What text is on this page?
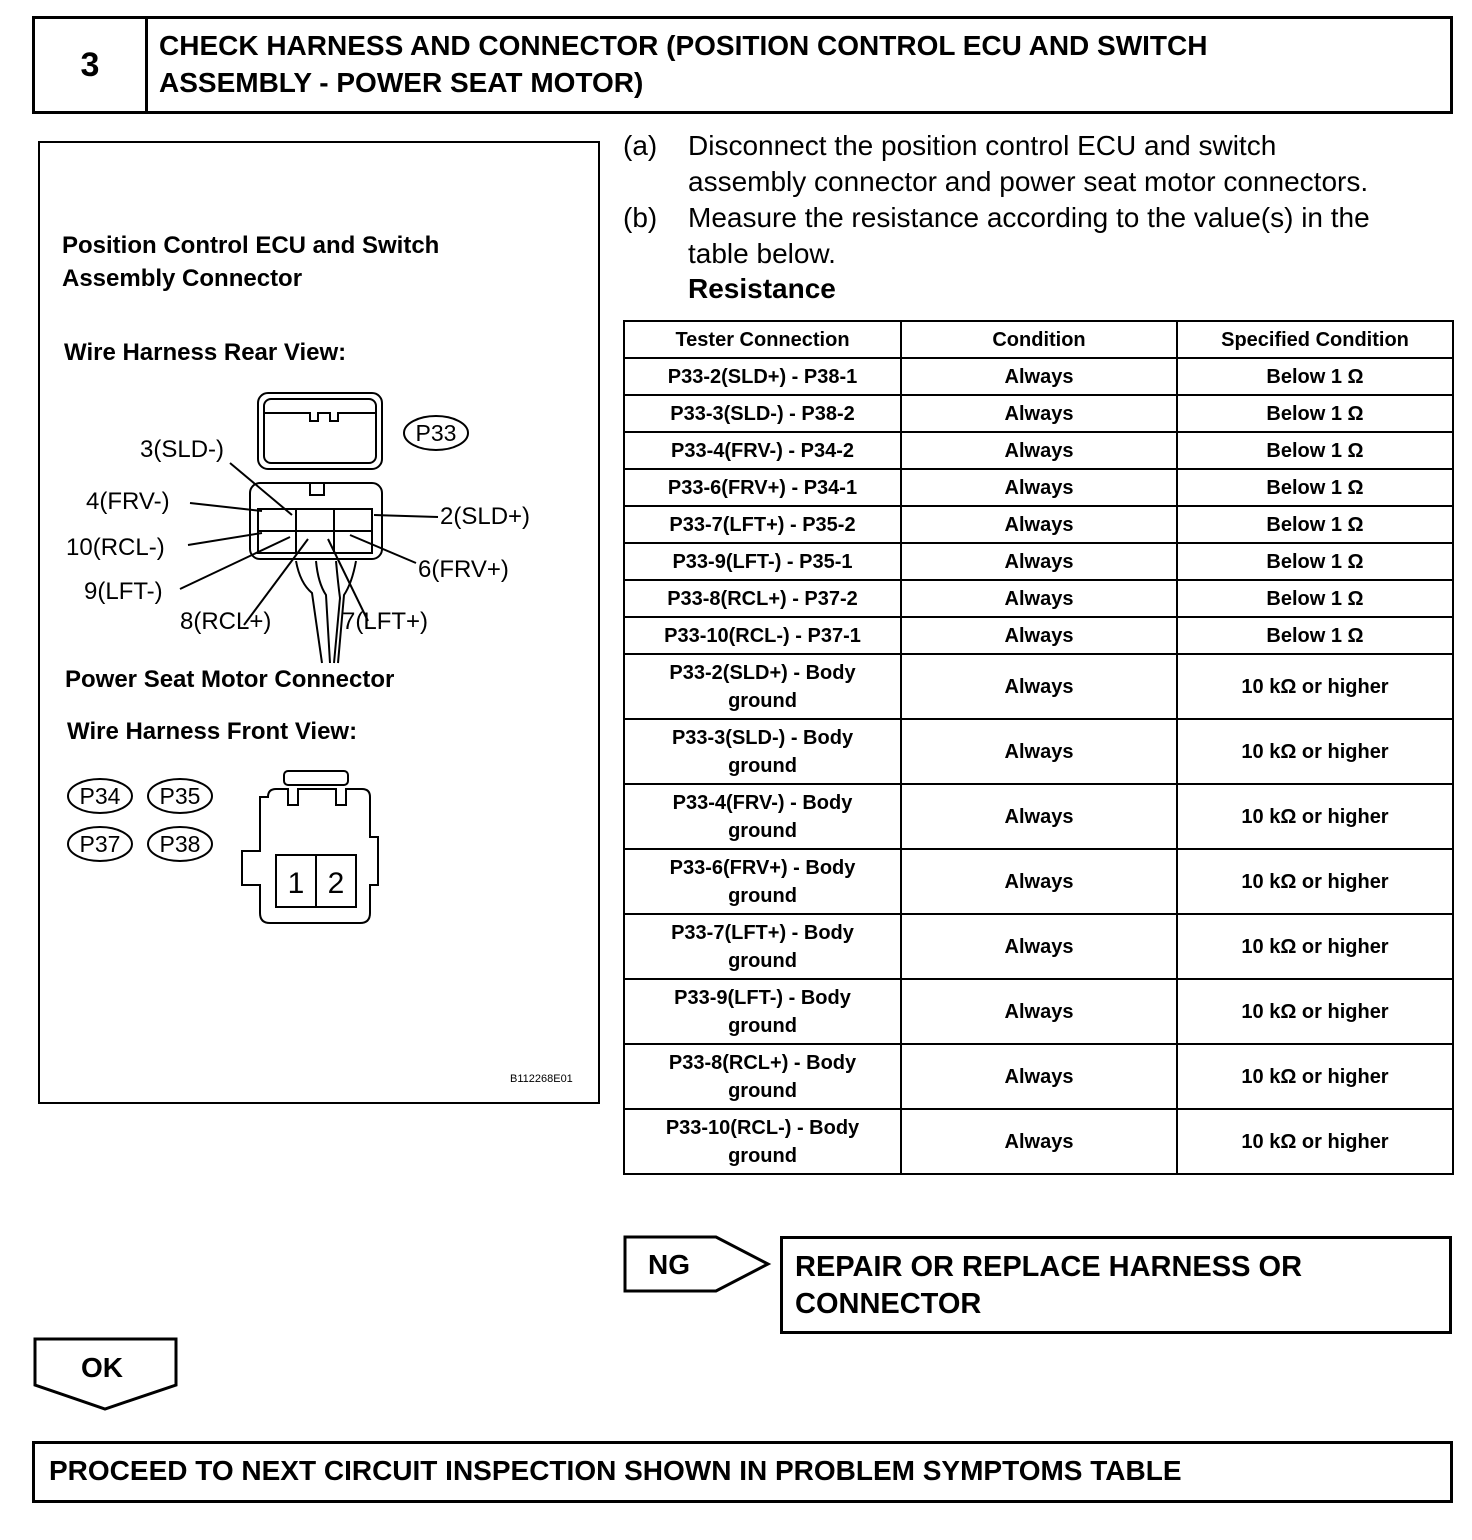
3	CHECK HARNESS AND CONNECTOR (POSITION CONTROL ECU AND SWITCH
ASSEMBLY - POWER SEAT MOTOR)
Position Control ECU and Switch
Assembly Connector
Wire Harness Rear View:
P33
3(SLD-)
4(FRV-)
2(SLD+)
10(RCL-)
6(FRV+)
9(LFT-)
8(RCL+)	7(LFT+)
P34 P35
P37 P38
1 2
Power Seat Motor Connector
Wire Harness Front View:
B112268E01
(a) Disconnect the position control ECU and switch
assembly connector and power seat motor connectors.
(b) Measure the resistance according to the value(s) in the
table below.
Resistance
Tester Connection	Condition	Specified Condition
P33-2(SLD+) - P38-1	Always	Below 1 Ω
P33-3(SLD-) - P38-2	Always	Below 1 Ω
P33-4(FRV-) - P34-2	Always	Below 1 Ω
P33-6(FRV+) - P34-1	Always	Below 1 Ω
P33-7(LFT+) - P35-2	Always	Below 1 Ω
P33-9(LFT-) - P35-1	Always	Below 1 Ω
P33-8(RCL+) - P37-2	Always	Below 1 Ω
P33-10(RCL-) - P37-1	Always	Below 1 Ω

P33-2(SLD+) - Body
ground	Always	10 kΩ or higher

P33-3(SLD-) - Body
ground	Always	10 kΩ or higher

P33-4(FRV-) - Body
ground	Always	10 kΩ or higher

P33-6(FRV+) - Body
ground	Always	10 kΩ or higher

P33-7(LFT+) - Body
ground	Always	10 kΩ or higher

P33-9(LFT-) - Body
ground	Always	10 kΩ or higher

P33-8(RCL+) - Body
ground	Always	10 kΩ or higher

P33-10(RCL-) - Body
ground	Always	10 kΩ or higher
NG	REPAIR OR REPLACE HARNESS OR
CONNECTOR
OK
PROCEED TO NEXT CIRCUIT INSPECTION SHOWN IN PROBLEM SYMPTOMS TABLE
